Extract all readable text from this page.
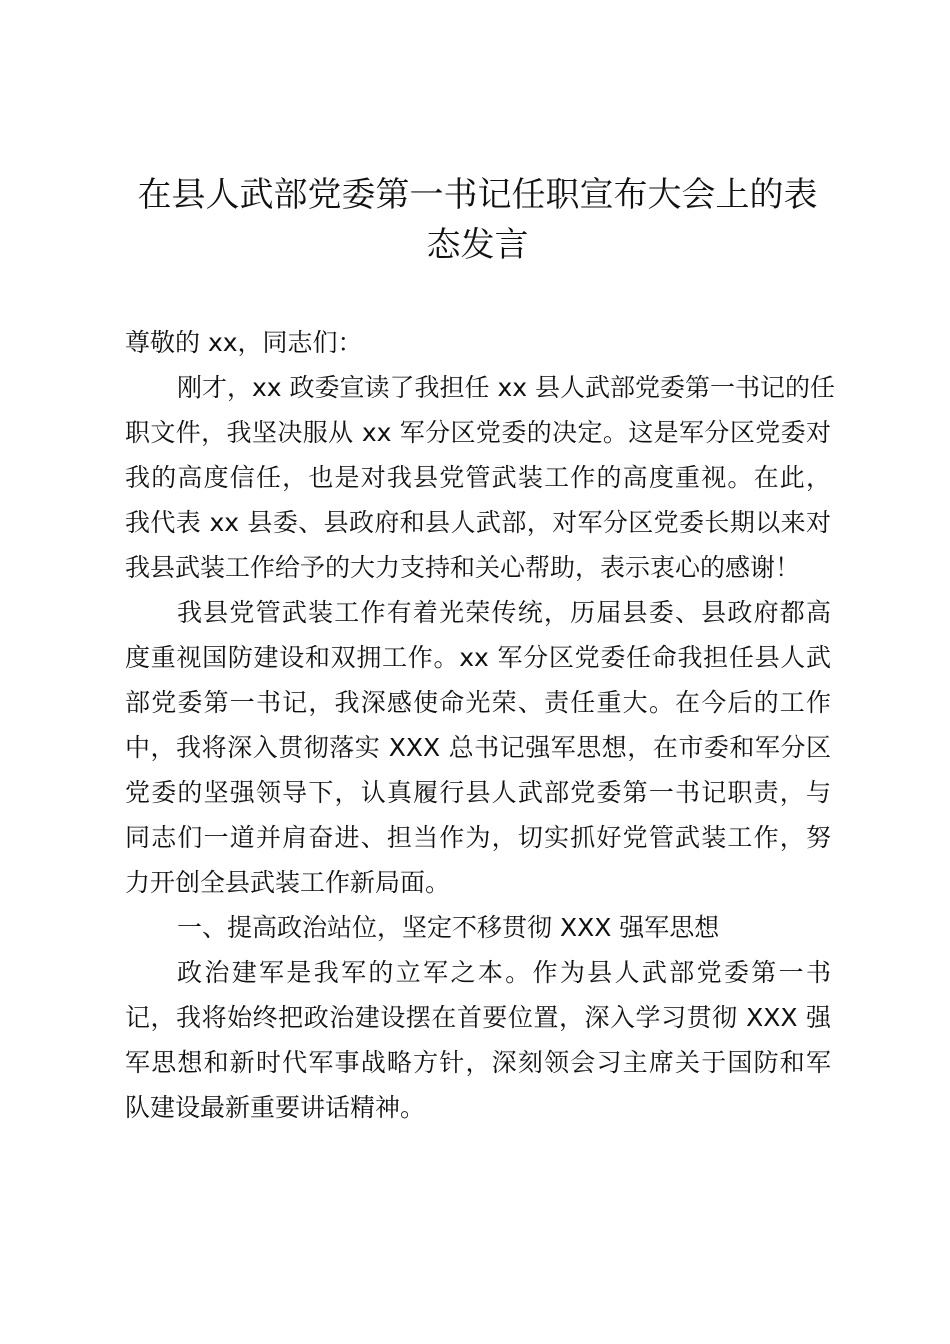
在县人武部党委第一书记任职宣布大会上的表
态发言
尊敬的 xx，同志们：
刚才，xx 政委宣读了我担任 xx 县人武部党委第一书记的任
职文件，我坚决服从 xx 军分区党委的决定。这是军分区党委对
我的高度信任，也是对我县党管武装工作的高度重视。在此，
我代表 xx 县委、县政府和县人武部，对军分区党委长期以来对
我县武装工作给予的大力支持和关心帮助，表示衷心的感谢！
我县党管武装工作有着光荣传统，历届县委、县政府都高
度重视国防建设和双拥工作。xx 军分区党委任命我担任县人武
部党委第一书记，我深感使命光荣、责任重大。在今后的工作
中，我将深入贯彻落实 XXX 总书记强军思想，在市委和军分区
党委的坚强领导下，认真履行县人武部党委第一书记职责，与
同志们一道并肩奋进、担当作为，切实抓好党管武装工作，努
力开创全县武装工作新局面。
一、提高政治站位，坚定不移贯彻 XXX 强军思想
政治建军是我军的立军之本。作为县人武部党委第一书
记，我将始终把政治建设摆在首要位置，深入学习贯彻 XXX 强
军思想和新时代军事战略方针，深刻领会习主席关于国防和军
队建设最新重要讲话精神。
